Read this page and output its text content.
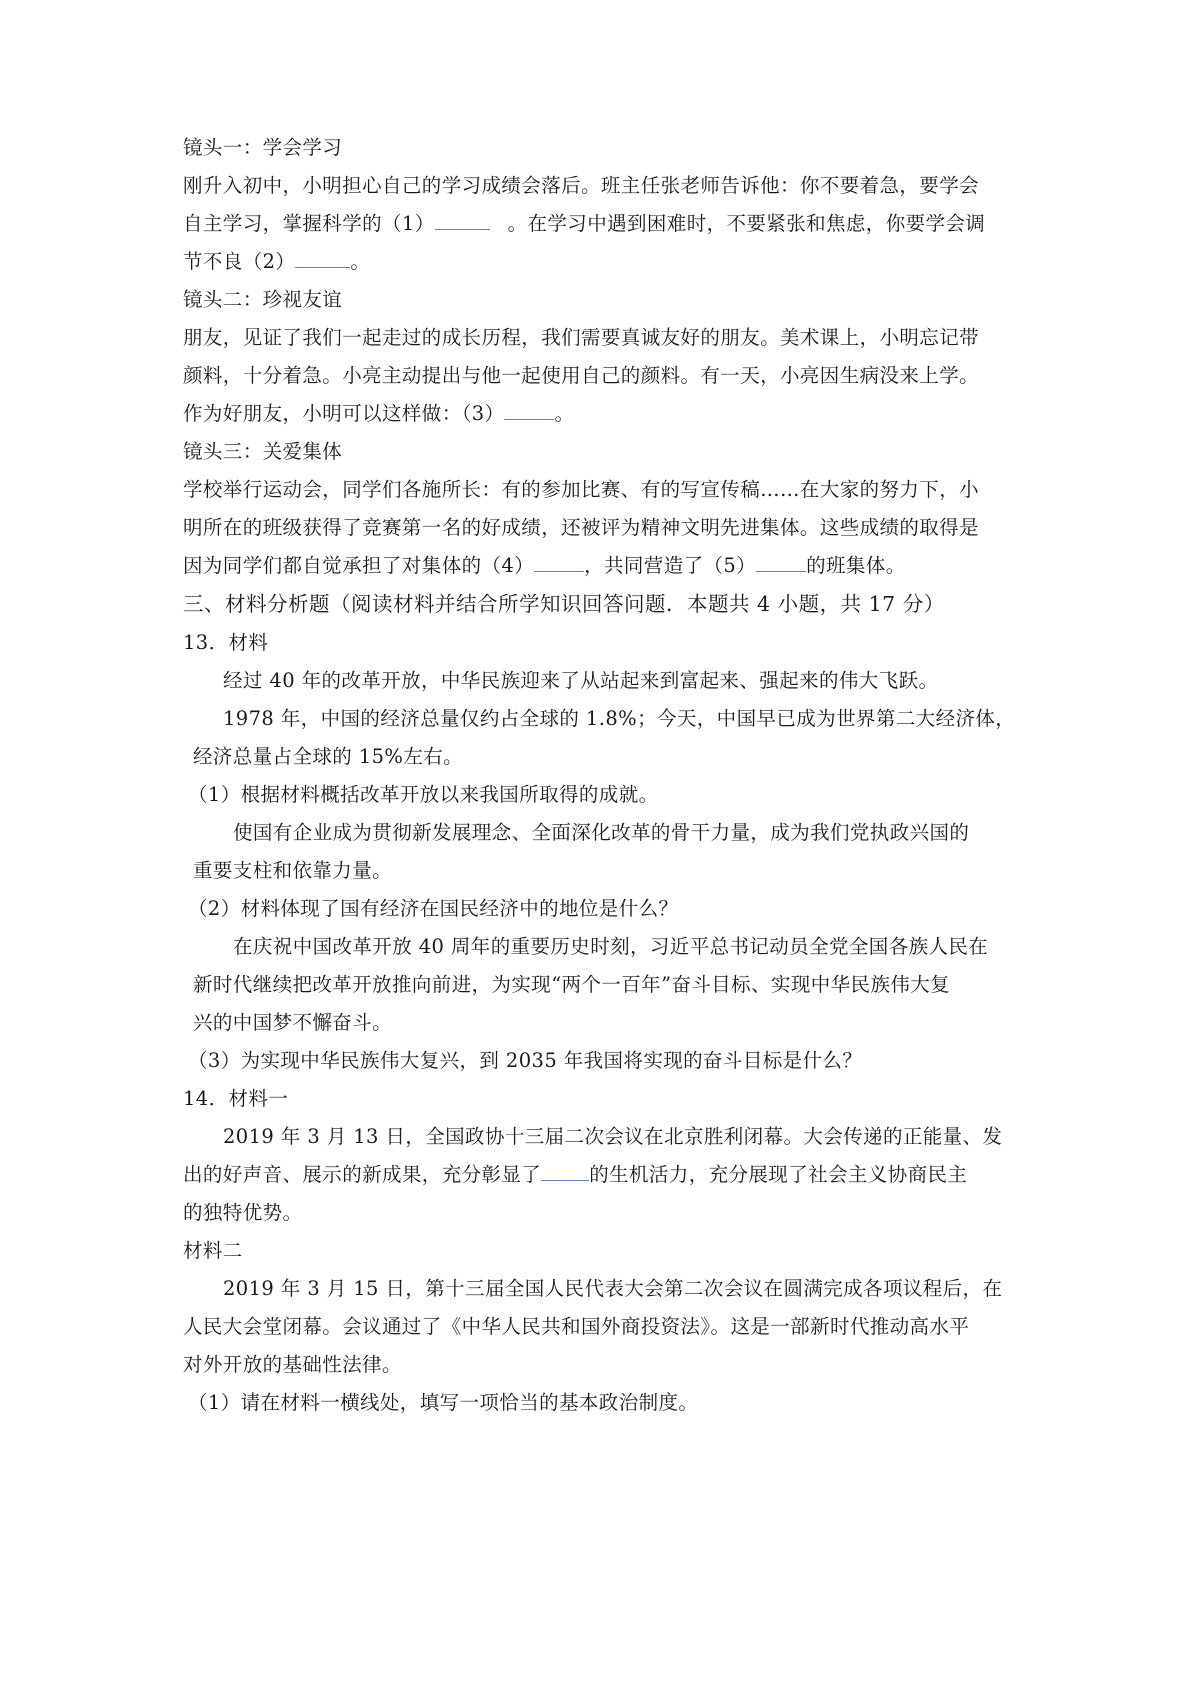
镜头一：学会学习
刚升入初中，小明担心自己的学习成绩会落后。班主任张老师告诉他：你不要着急，要学会
自主学习，掌握科学的（1）	。在学习中遇到困难时，不要紧张和焦虑，你要学会调
节不良（2）	。
镜头二：珍视友谊
朋友，见证了我们一起走过的成长历程，我们需要真诚友好的朋友。美术课上，小明忘记带
颜料，十分着急。小亮主动提出与他一起使用自己的颜料。有一天，小亮因生病没来上学。
作为好朋友，小明可以这样做：（3）	。
镜头三：关爱集体
学校举行运动会，同学们各施所长：有的参加比赛、有的写宣传稿……在大家的努力下，小
明所在的班级获得了竞赛第一名的好成绩，还被评为精神文明先进集体。这些成绩的取得是
因为同学们都自觉承担了对集体的（4）	，共同营造了（5）	的班集体。
三、材料分析题（阅读材料并结合所学知识回答问题．本题共 4 小题，共 17 分）
13．材料
经过 40 年的改革开放，中华民族迎来了从站起来到富起来、强起来的伟大飞跃。
1978 年，中国的经济总量仅约占全球的 1.8%；今天，中国早已成为世界第二大经济体，
经济总量占全球的 15%左右。
（1）根据材料概括改革开放以来我国所取得的成就。
使国有企业成为贯彻新发展理念、全面深化改革的骨干力量，成为我们党执政兴国的
重要支柱和依靠力量。
（2）材料体现了国有经济在国民经济中的地位是什么？
在庆祝中国改革开放 40 周年的重要历史时刻，习近平总书记动员全党全国各族人民在
新时代继续把改革开放推向前进，为实现“两个一百年”奋斗目标、实现中华民族伟大复
兴的中国梦不懈奋斗。
（3）为实现中华民族伟大复兴，到 2035 年我国将实现的奋斗目标是什么？
14．材料一
2019 年 3 月 13 日，全国政协十三届二次会议在北京胜利闭幕。大会传递的正能量、发
出的好声音、展示的新成果，充分彰显了 的生机活力，充分展现了社会主义协商民主
的独特优势。
材料二
2019 年 3 月 15 日，第十三届全国人民代表大会第二次会议在圆满完成各项议程后，在
人民大会堂闭幕。会议通过了《中华人民共和国外商投资法》。这是一部新时代推动高水平
对外开放的基础性法律。
（1）请在材料一横线处，填写一项恰当的基本政治制度。
